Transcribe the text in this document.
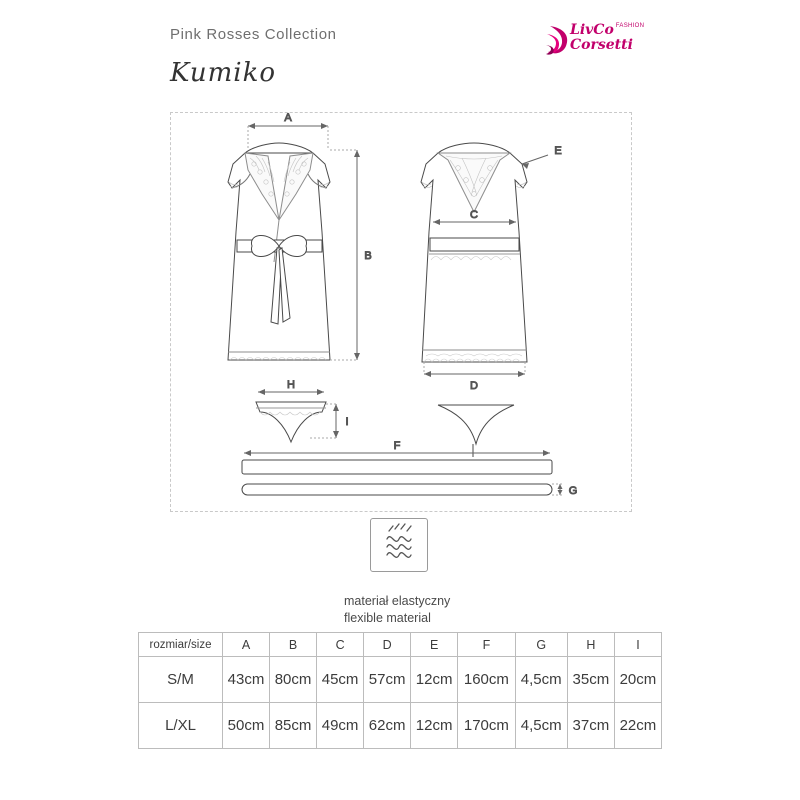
Pink Rosses Collection
Kumiko
LivCo $^{FASHION}$
Corsetti
A
B
E
C
D
H
I
F
G
materiał elastyczny
flexible material
rozmiar/size	A	B	C	D	E	F	G	H	I
S/M	43cm	80cm	45cm	57cm	12cm	160cm	4,5cm	35cm	20cm
L/XL	50cm	85cm	49cm	62cm	12cm	170cm	4,5cm	37cm	22cm
